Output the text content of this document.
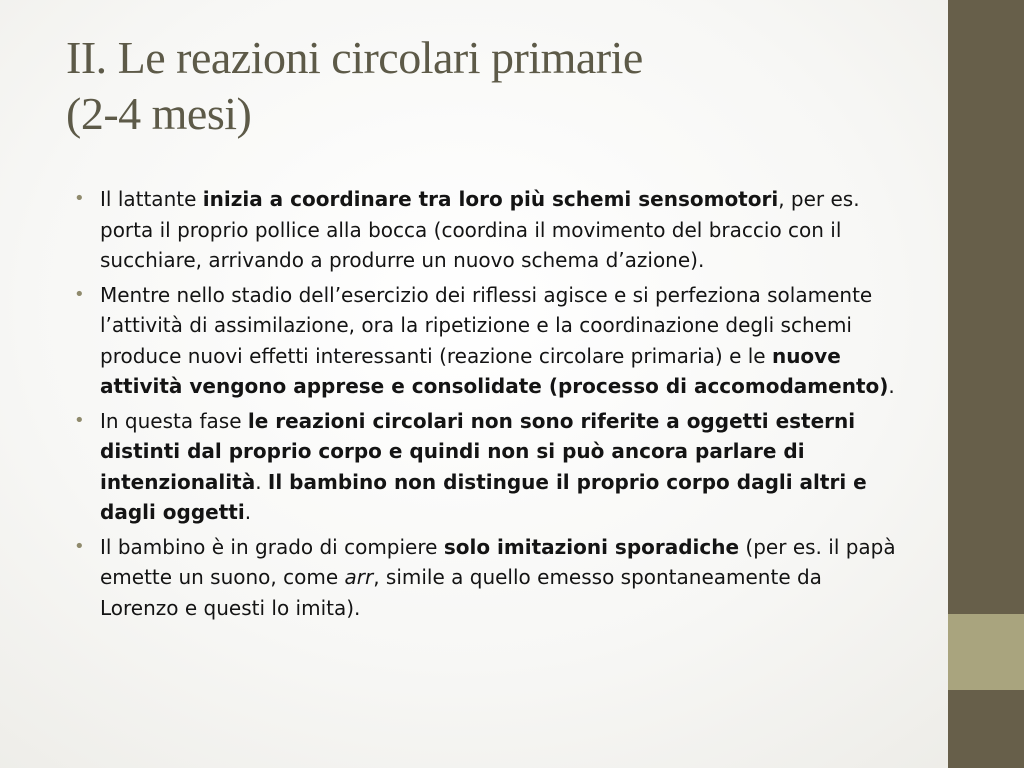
II. Le reazioni circolari primarie
(2-4 mesi)
• Il lattante inizia a coordinare tra loro più schemi sensomotori, per es. porta il proprio pollice alla bocca (coordina il movimento del braccio con il succhiare, arrivando a produrre un nuovo schema d’azione).
• Mentre nello stadio dell’esercizio dei riflessi agisce e si perfeziona solamente l’attività di assimilazione, ora la ripetizione e la coordinazione degli schemi produce nuovi effetti interessanti (reazione circolare primaria) e le nuove attività vengono apprese e consolidate (processo di accomodamento).
• In questa fase le reazioni circolari non sono riferite a oggetti esterni distinti dal proprio corpo e quindi non si può ancora parlare di intenzionalità. Il bambino non distingue il proprio corpo dagli altri e dagli oggetti.
• Il bambino è in grado di compiere solo imitazioni sporadiche (per es. il papà emette un suono, come arr, simile a quello emesso spontaneamente da Lorenzo e questi lo imita).
